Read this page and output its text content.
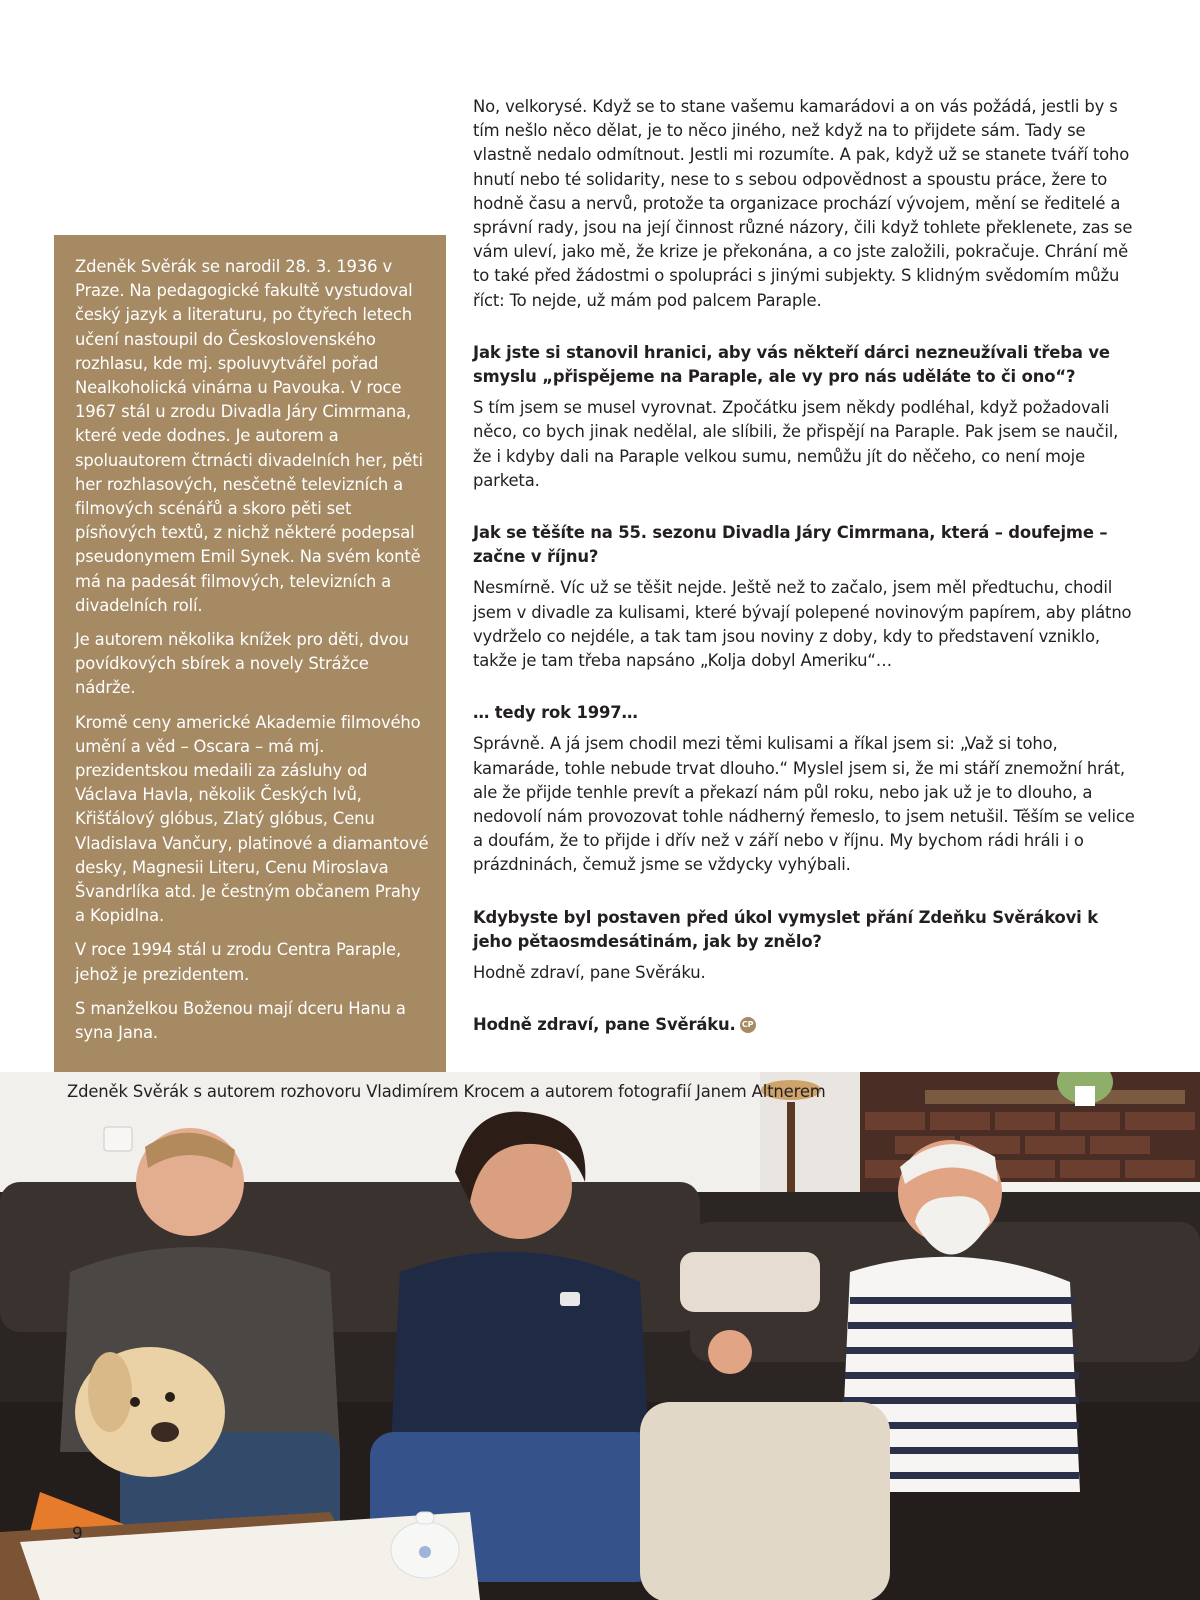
No, velkorysé. Když se to stane vašemu kamarádovi a on vás požádá, jestli by s tím nešlo něco dělat, je to něco jiného, než když na to přijdete sám. Tady se vlastně nedalo odmítnout. Jestli mi rozumíte. A pak, když už se stanete tváří toho hnutí nebo té solidarity, nese to s sebou odpovědnost a spoustu práce, žere to hodně času a nervů, protože ta organizace prochází vývojem, mění se ředitelé a správní rady, jsou na její činnost různé názory, čili když tohlete překlenete, zas se vám uleví, jako mě, že krize je překonána, a co jste založili, pokračuje. Chrání mě to také před žádostmi o spolupráci s jinými subjekty. S klidným svědomím můžu říct: To nejde, už mám pod palcem Paraple.

Jak jste si stanovil hranici, aby vás někteří dárci nezneužívali třeba ve smyslu „přispějeme na Paraple, ale vy pro nás uděláte to či ono“?

S tím jsem se musel vyrovnat. Zpočátku jsem někdy podléhal, když požadovali něco, co bych jinak nedělal, ale slíbili, že přispějí na Paraple. Pak jsem se naučil, že i kdyby dali na Paraple velkou sumu, nemůžu jít do něčeho, co není moje parketa.

Jak se těšíte na 55. sezonu Divadla Járy Cimrmana, která – doufejme – začne v říjnu?

Nesmírně. Víc už se těšit nejde. Ještě než to začalo, jsem měl předtuchu, chodil jsem v divadle za kulisami, které bývají polepené novinovým papírem, aby plátno vydrželo co nejdéle, a tak tam jsou noviny z doby, kdy to představení vzniklo, takže je tam třeba napsáno „Kolja dobyl Ameriku“…

… tedy rok 1997…

Správně. A já jsem chodil mezi těmi kulisami a říkal jsem si: „Važ si toho, kamaráde, tohle nebude trvat dlouho.“ Myslel jsem si, že mi stáří znemožní hrát, ale že přijde tenhle prevít a překazí nám půl roku, nebo jak už je to dlouho, a nedovolí nám provozovat tohle nádherný řemeslo, to jsem netušil. Těším se velice a doufám, že to přijde i dřív než v září nebo v říjnu. My bychom rádi hráli i o prázdninách, čemuž jsme se vždycky vyhýbali.

Kdybyste byl postaven před úkol vymyslet přání Zdeňku Svěrákovi k jeho pětaosmdesátinám, jak by znělo?

Hodně zdraví, pane Svěráku.

Hodně zdraví, pane Svěráku. CP

Zdeněk Svěrák se narodil 28. 3. 1936 v Praze. Na pedagogické fakultě vystudoval český jazyk a literaturu, po čtyřech letech učení nastoupil do Československého rozhlasu, kde mj. spoluvytvářel pořad Nealkoholická vinárna u Pavouka. V roce 1967 stál u zrodu Divadla Járy Cimrmana, které vede dodnes. Je autorem a spoluautorem čtrnácti divadelních her, pěti her rozhlasových, nesčetně televizních a filmových scénářů a skoro pěti set písňových textů, z nichž některé podepsal pseudonymem Emil Synek. Na svém kontě má na padesát filmových, televizních a divadelních rolí.

Je autorem několika knížek pro děti, dvou povídkových sbírek a novely Strážce nádrže.

Kromě ceny americké Akademie filmového umění a věd – Oscara – má mj. prezidentskou medaili za zásluhy od Václava Havla, několik Českých lvů, Křišťálový glóbus, Zlatý glóbus, Cenu Vladislava Vančury, platinové a diamantové desky, Magnesii Literu, Cenu Miroslava Švandrlíka atd. Je čestným občanem Prahy a Kopidlna.

V roce 1994 stál u zrodu Centra Paraple, jehož je prezidentem.

S manželkou Boženou mají dceru Hanu a syna Jana.

Zdeněk Svěrák s autorem rozhovoru Vladimírem Krocem a autorem fotografií Janem Altnerem
9
